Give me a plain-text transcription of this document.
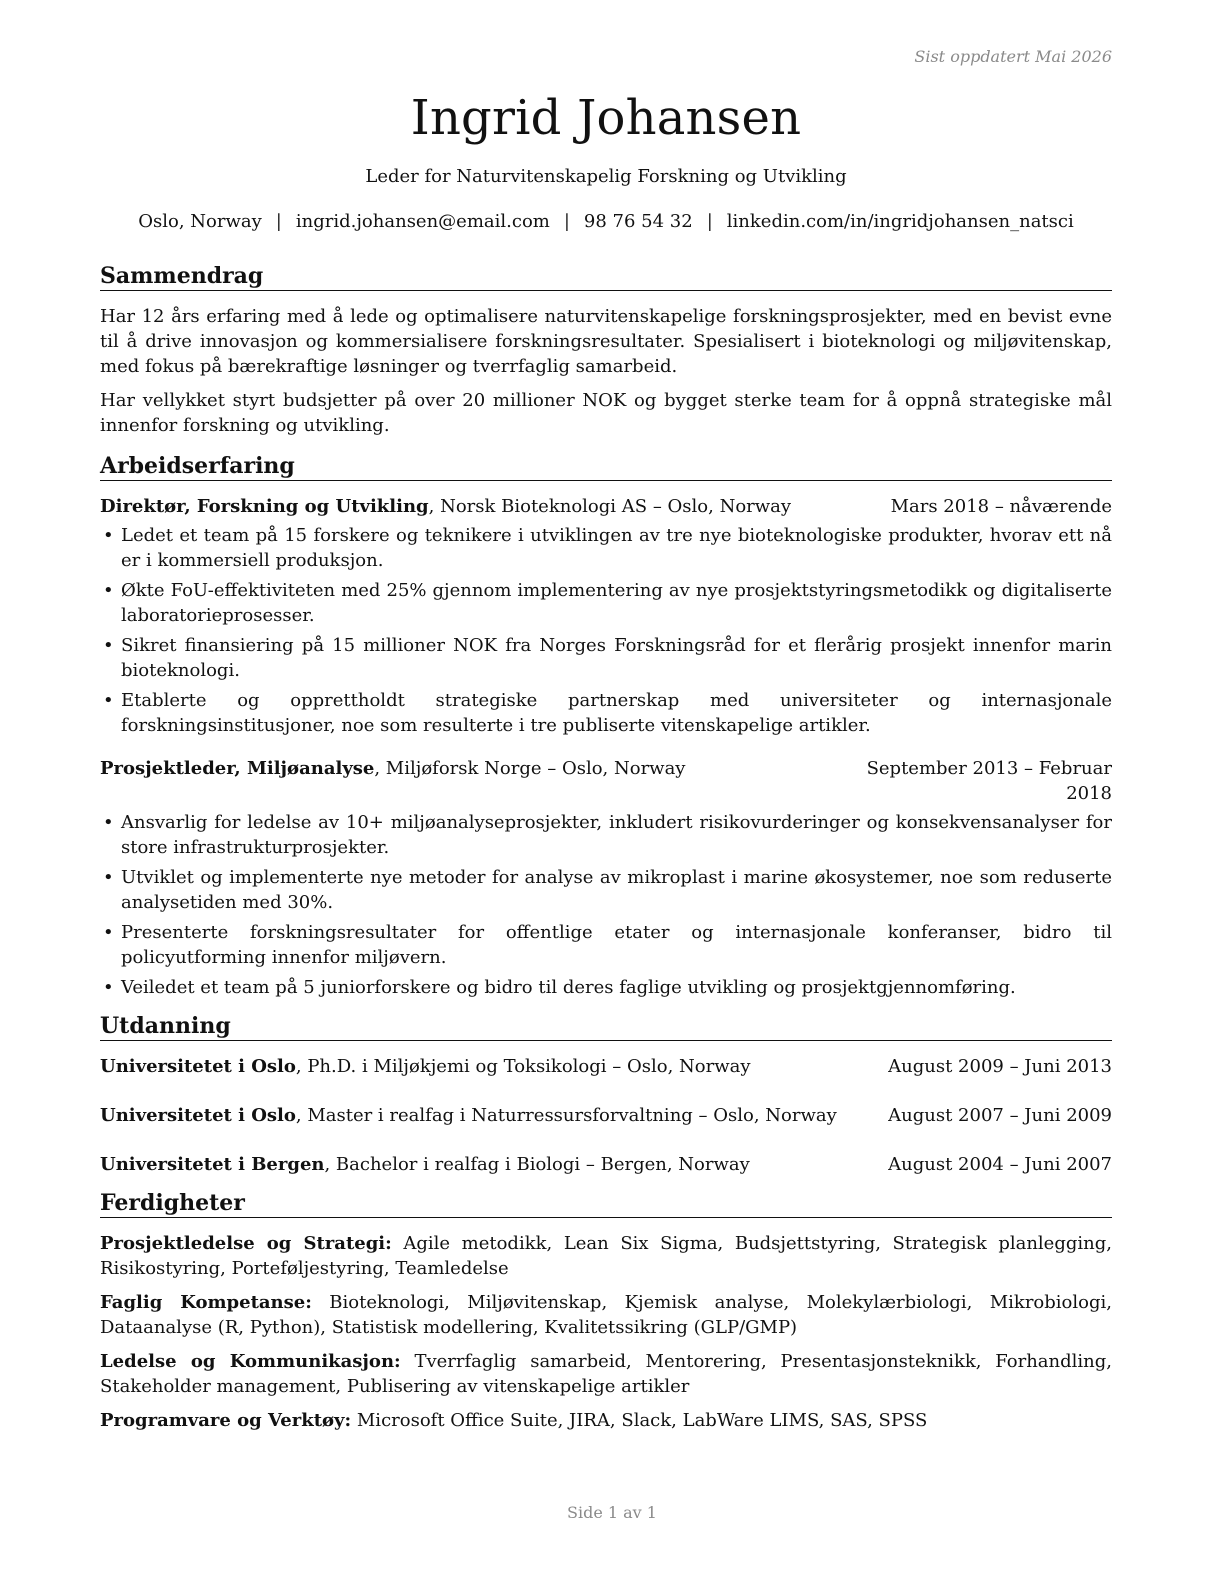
Sist oppdatert Mai 2026
Ingrid Johansen
Leder for Naturvitenskapelig Forskning og Utvikling
Oslo, Norway | ingrid.johansen@email.com | 98 76 54 32 | linkedin.com/in/ingridjohansen_natsci
Sammendrag

Har 12 års erfaring med å lede og optimalisere naturvitenskapelige forskningsprosjekter, med en bevist evne til å drive innovasjon og kommersialisere forskningsresultater. Spesialisert i bioteknologi og miljøvitenskap, med fokus på bærekraftige løsninger og tverrfaglig samarbeid.

Har vellykket styrt budsjetter på over 20 millioner NOK og bygget sterke team for å oppnå strategiske mål innenfor forskning og utvikling.

Arbeidserfaring
Direktør, Forskning og Utvikling, Norsk Bioteknologi AS – Oslo, Norway	Mars 2018 – nåværende
• Ledet et team på 15 forskere og teknikere i utviklingen av tre nye bioteknologiske produkter, hvorav ett nå er i kommersiell produksjon.
• Økte FoU-effektiviteten med 25% gjennom implementering av nye prosjektstyringsmetodikk og digitaliserte laboratorieprosesser.
• Sikret finansiering på 15 millioner NOK fra Norges Forskningsråd for et flerårig prosjekt innenfor marin bioteknologi.
• Etablerte og opprettholdt strategiske partnerskap med universiteter og internasjonale forskningsinstitusjoner, noe som resulterte i tre publiserte vitenskapelige artikler.
Prosjektleder, Miljøanalyse, Miljøforsk Norge – Oslo, Norway	September 2013 – Februar 2018
• Ansvarlig for ledelse av 10+ miljøanalyseprosjekter, inkludert risikovurderinger og konsekvensanalyser for store infrastrukturprosjekter.
• Utviklet og implementerte nye metoder for analyse av mikroplast i marine økosystemer, noe som reduserte analysetiden med 30%.
• Presenterte forskningsresultater for offentlige etater og internasjonale konferanser, bidro til policyutforming innenfor miljøvern.
• Veiledet et team på 5 juniorforskere og bidro til deres faglige utvikling og prosjektgjennomføring.
Utdanning
Universitetet i Oslo, Ph.D. i Miljøkjemi og Toksikologi – Oslo, Norway	August 2009 – Juni 2013
Universitetet i Oslo, Master i realfag i Naturressursforvaltning – Oslo, Norway	August 2007 – Juni 2009
Universitetet i Bergen, Bachelor i realfag i Biologi – Bergen, Norway	August 2004 – Juni 2007
Ferdigheter
Prosjektledelse og Strategi: Agile metodikk, Lean Six Sigma, Budsjettstyring, Strategisk planlegging, Risikostyring, Porteføljestyring, Teamledelse
Faglig Kompetanse: Bioteknologi, Miljøvitenskap, Kjemisk analyse, Molekylærbiologi, Mikrobiologi, Dataanalyse (R, Python), Statistisk modellering, Kvalitetssikring (GLP/GMP)
Ledelse og Kommunikasjon: Tverrfaglig samarbeid, Mentorering, Presentasjonsteknikk, Forhandling, Stakeholder management, Publisering av vitenskapelige artikler
Programvare og Verktøy: Microsoft Office Suite, JIRA, Slack, LabWare LIMS, SAS, SPSS
Side 1 av 1
